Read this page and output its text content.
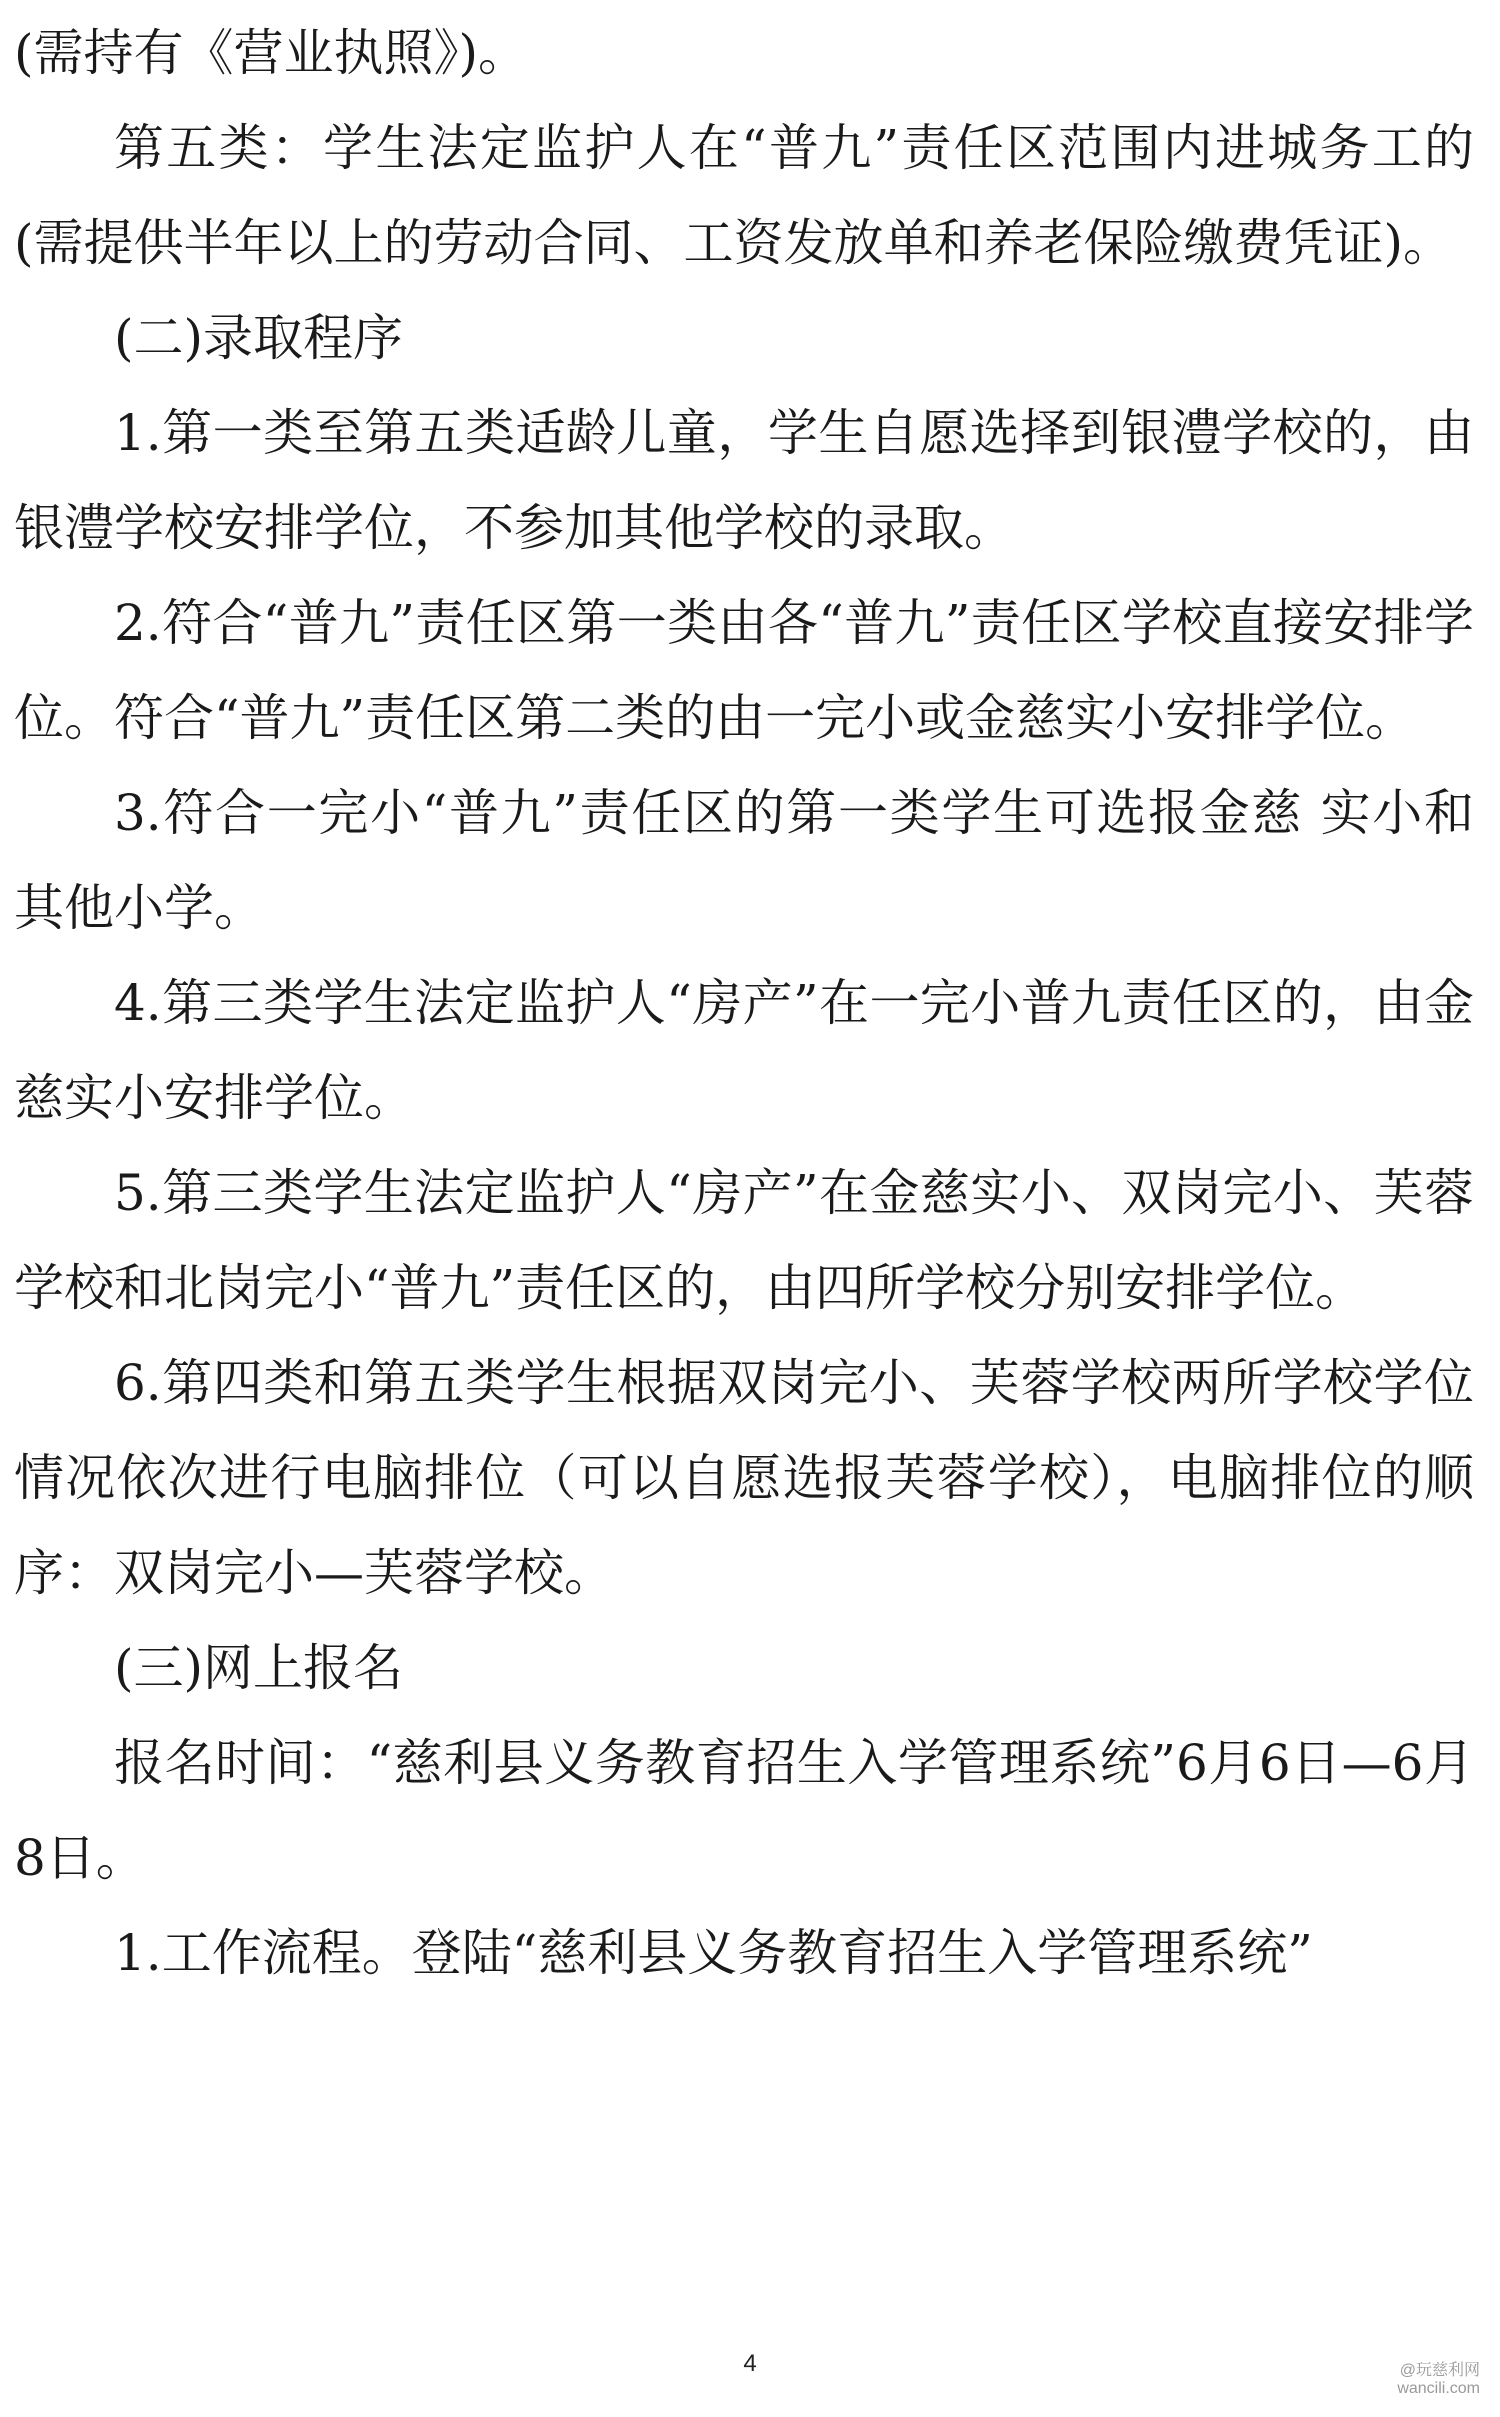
(需持有《营业执照》)。

第五类：学生法定监护人在“普九”责任区范围内进城务工的(需提供半年以上的劳动合同、工资发放单和养老保险缴费凭证)。

(二)录取程序

1.第一类至第五类适龄儿童，学生自愿选择到银澧学校的，由银澧学校安排学位，不参加其他学校的录取。

2.符合“普九”责任区第一类由各“普九”责任区学校直接安排学位。符合“普九”责任区第二类的由一完小或金慈实小安排学位。

3.符合一完小“普九”责任区的第一类学生可选报金慈 实小和其他小学。

4.第三类学生法定监护人“房产”在一完小普九责任区的，由金慈实小安排学位。

5.第三类学生法定监护人“房产”在金慈实小、双岗完小、芙蓉学校和北岗完小“普九”责任区的，由四所学校分别安排学位。

6.第四类和第五类学生根据双岗完小、芙蓉学校两所学校学位情况依次进行电脑排位（可以自愿选报芙蓉学校），电脑排位的顺序：双岗完小—芙蓉学校。

(三)网上报名

报名时间：“慈利县义务教育招生入学管理系统”6月6日—6月8日。

1.工作流程。登陆“慈利县义务教育招生入学管理系统”

4	@玩慈利网
wancili.com
